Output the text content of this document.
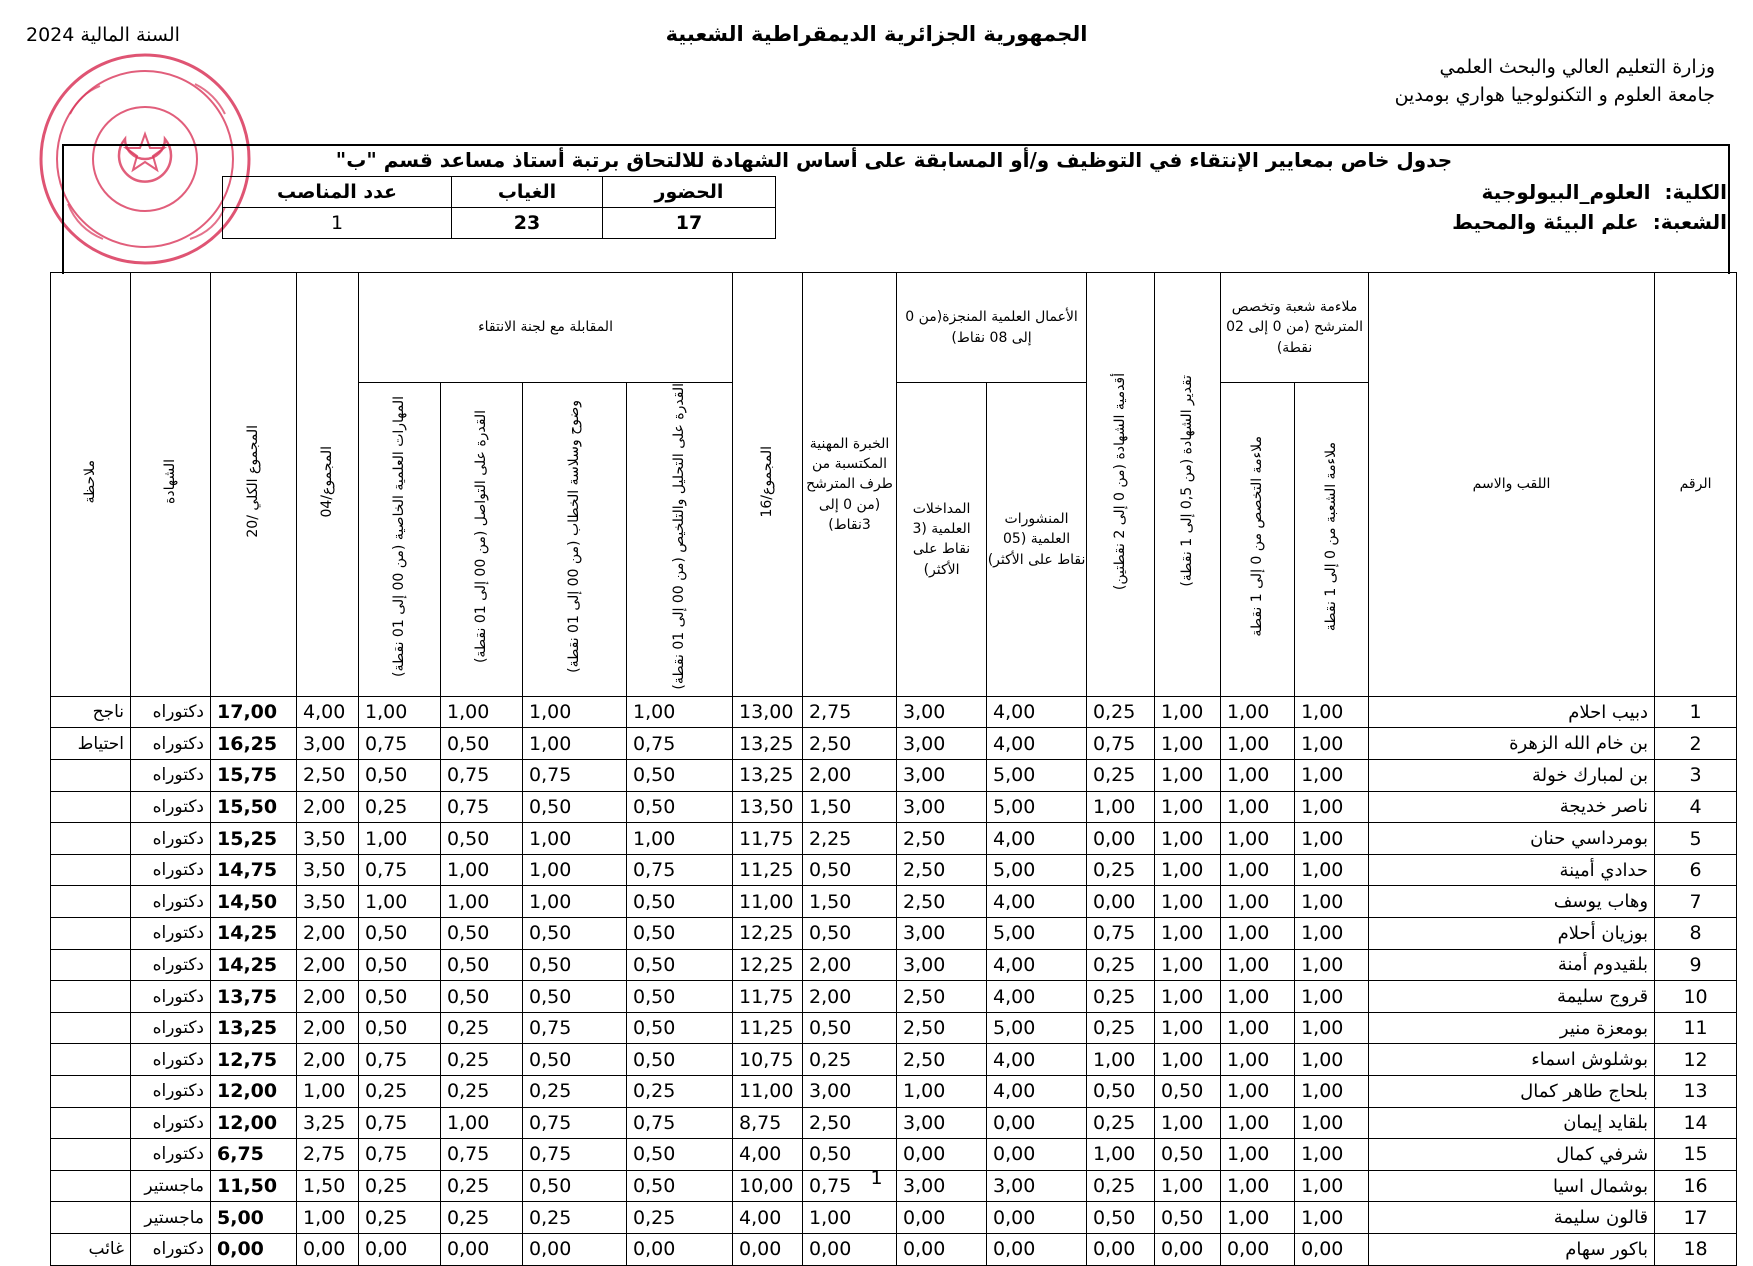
السنة المالية 2024	الجمهورية الجزائرية الديمقراطية الشعبية
وزارة التعليم العالي والبحث العلمي
جامعة العلوم و التكنولوجيا هواري بومدين
جدول خاص بمعايير الإنتقاء في التوظيف و/أو المسابقة على أساس الشهادة للالتحاق برتبة أستاذ مساعد قسم "ب"
الكلية:العلوم_البيولوجية
الشعبة:علم البيئة والمحيط
عدد المناصب	الغياب	الحضور
1	23	17
الرقم	اللقب والاسم	ملاءمة شعبة وتخصص المترشح (من 0 إلى 02 نقطة)		تقدير الشهادة (من 0,5 إلى 1 نقطة)	أقدمية الشهادة (من 0 إلى 2 نقطتين)	الأعمال العلمية المنجزة(من 0 إلى 08 نقاط)		الخبرة المهنية المكتسبة من طرف المترشح (من 0 إلى 3نقاط)	المجموع/16	المقابلة مع لجنة الانتقاء				المجموع/04	المجموع الكلي /20	الشهادة	ملاحظة
		ملاءمة الشعبة من 0 إلى 1 نقطة	ملاءمة التخصص من 0 إلى 1 نقطة			المنشورات العلمية (05 نقاط على الأكثر)	المداخلات العلمية (3 نقاط على الأكثر)			القدرة على التحليل والتلخيص (من 00 إلى 01 نقطة)	وضوح وسلاسة الخطاب (من 00 إلى 01 نقطة)	القدرة على التواصل (من 00 إلى 01 نقطة)	المهارات العلمية الخاصية (من 00 إلى 01 نقطة)				
1	دبيب احلام	1,00	1,00	1,00	0,25	4,00	3,00	2,75	13,00	1,00	1,00	1,00	1,00	4,00	17,00	دكتوراه	ناجح
2	بن خام الله الزهرة	1,00	1,00	1,00	0,75	4,00	3,00	2,50	13,25	0,75	1,00	0,50	0,75	3,00	16,25	دكتوراه	احتياط
3	بن لمبارك خولة	1,00	1,00	1,00	0,25	5,00	3,00	2,00	13,25	0,50	0,75	0,75	0,50	2,50	15,75	دكتوراه	
4	ناصر خديجة	1,00	1,00	1,00	1,00	5,00	3,00	1,50	13,50	0,50	0,50	0,75	0,25	2,00	15,50	دكتوراه	
5	بومرداسي حنان	1,00	1,00	1,00	0,00	4,00	2,50	2,25	11,75	1,00	1,00	0,50	1,00	3,50	15,25	دكتوراه	
6	حدادي أمينة	1,00	1,00	1,00	0,25	5,00	2,50	0,50	11,25	0,75	1,00	1,00	0,75	3,50	14,75	دكتوراه	
7	وهاب يوسف	1,00	1,00	1,00	0,00	4,00	2,50	1,50	11,00	0,50	1,00	1,00	1,00	3,50	14,50	دكتوراه	
8	بوزيان أحلام	1,00	1,00	1,00	0,75	5,00	3,00	0,50	12,25	0,50	0,50	0,50	0,50	2,00	14,25	دكتوراه	
9	بلقيدوم أمنة	1,00	1,00	1,00	0,25	4,00	3,00	2,00	12,25	0,50	0,50	0,50	0,50	2,00	14,25	دكتوراه	
10	قروج سليمة	1,00	1,00	1,00	0,25	4,00	2,50	2,00	11,75	0,50	0,50	0,50	0,50	2,00	13,75	دكتوراه	
11	بومعزة منير	1,00	1,00	1,00	0,25	5,00	2,50	0,50	11,25	0,50	0,75	0,25	0,50	2,00	13,25	دكتوراه	
12	بوشلوش اسماء	1,00	1,00	1,00	1,00	4,00	2,50	0,25	10,75	0,50	0,50	0,25	0,75	2,00	12,75	دكتوراه	
13	بلحاج طاهر كمال	1,00	1,00	0,50	0,50	4,00	1,00	3,00	11,00	0,25	0,25	0,25	0,25	1,00	12,00	دكتوراه	
14	بلقايد إيمان	1,00	1,00	1,00	0,25	0,00	3,00	2,50	8,75	0,75	0,75	1,00	0,75	3,25	12,00	دكتوراه	
15	شرفي كمال	1,00	1,00	0,50	1,00	0,00	0,00	0,50	4,00	0,50	0,75	0,75	0,75	2,75	6,75	دكتوراه	
16	بوشمال اسيا	1,00	1,00	1,00	0,25	3,00	3,00	0,75	10,00	0,50	0,50	0,25	0,25	1,50	11,50	ماجستير	
17	قالون سليمة	1,00	1,00	0,50	0,50	0,00	0,00	1,00	4,00	0,25	0,25	0,25	0,25	1,00	5,00	ماجستير	
18	باكور سهام	0,00	0,00	0,00	0,00	0,00	0,00	0,00	0,00	0,00	0,00	0,00	0,00	0,00	0,00	دكتوراه	غائب
1
